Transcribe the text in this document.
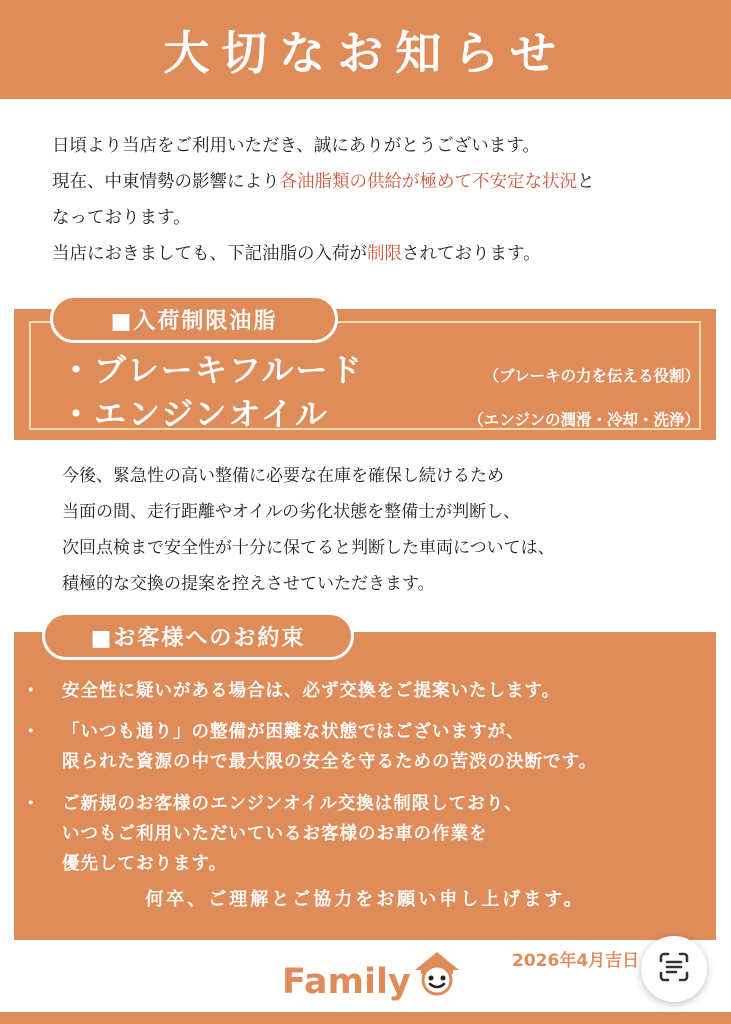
大切なお知らせ

日頃より当店をご利用いただき、誠にありがとうございます。

現在、中東情勢の影響により各油脂類の供給が極めて不安定な状況と

なっております。

当店におきましても、下記油脂の入荷が制限されております。

■入荷制限油脂
・ブレーキフルード	（ブレーキの力を伝える役割）
・エンジンオイル	（エンジンの潤滑・冷却・洗浄）

今後、緊急性の高い整備に必要な在庫を確保し続けるため

当面の間、走行距離やオイルの劣化状態を整備士が判断し、

次回点検まで安全性が十分に保てると判断した車両については、

積極的な交換の提案を控えさせていただきます。

■お客様へのお約束
・ 安全性に疑いがある場合は、必ず交換をご提案いたします。
・ 「いつも通り」の整備が困難な状態ではございますが、
限られた資源の中で最大限の安全を守るための苦渋の決断です。
・ ご新規のお客様のエンジンオイル交換は制限しており、
いつもご利用いただいているお客様のお車の作業を
優先しております。
何卒、ご理解とご協力をお願い申し上げます。
Family
2026年4月吉日
